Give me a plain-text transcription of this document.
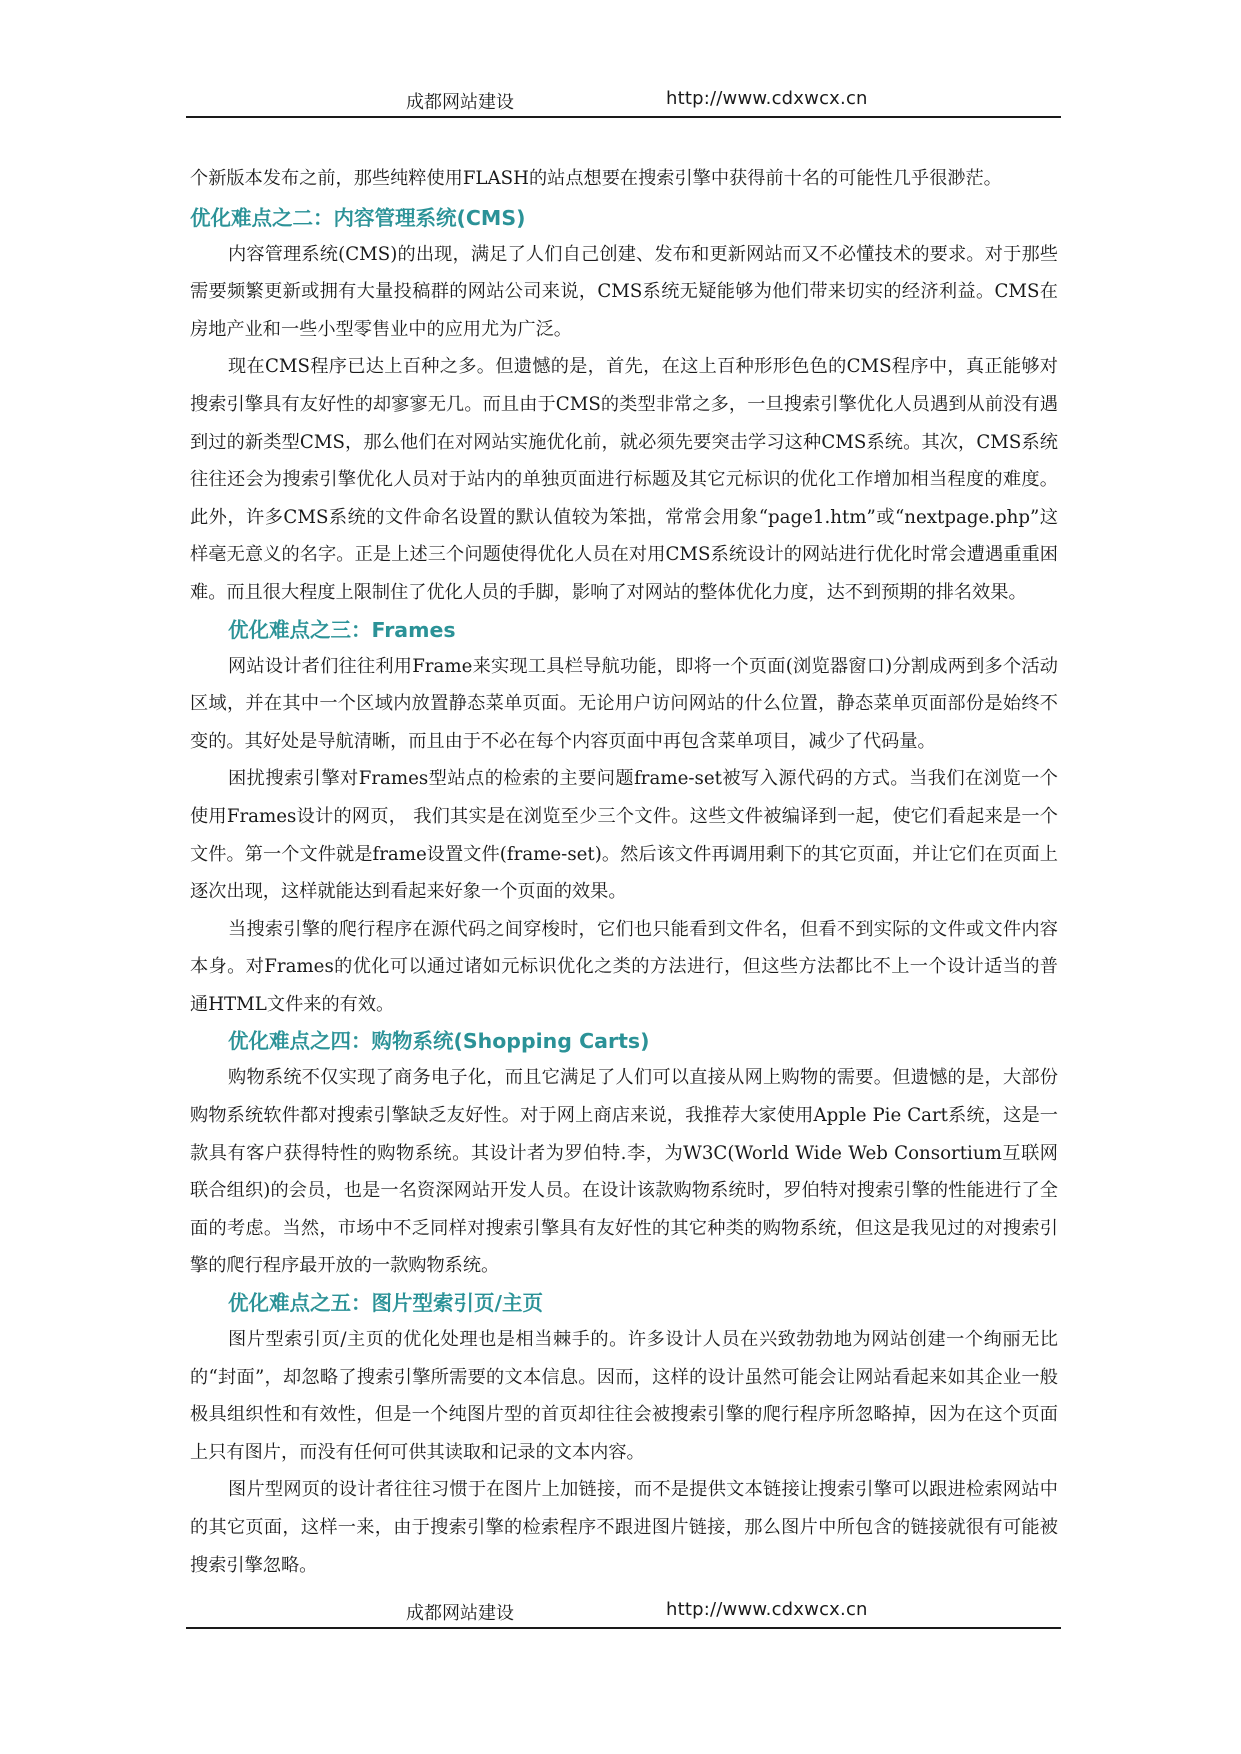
成都网站建设	http://www.cdxwcx.cn

个新版本发布之前，那些纯粹使用FLASH的站点想要在搜索引擎中获得前十名的可能性几乎很渺茫。

优化难点之二：内容管理系统(CMS)

内容管理系统(CMS)的出现，满足了人们自己创建、发布和更新网站而又不必懂技术的要求。对于那些需要频繁更新或拥有大量投稿群的网站公司来说，CMS系统无疑能够为他们带来切实的经济利益。CMS在房地产业和一些小型零售业中的应用尤为广泛。

现在CMS程序已达上百种之多。但遗憾的是，首先，在这上百种形形色色的CMS程序中，真正能够对搜索引擎具有友好性的却寥寥无几。而且由于CMS的类型非常之多，一旦搜索引擎优化人员遇到从前没有遇到过的新类型CMS，那么他们在对网站实施优化前，就必须先要突击学习这种CMS系统。其次，CMS系统往往还会为搜索引擎优化人员对于站内的单独页面进行标题及其它元标识的优化工作增加相当程度的难度。此外，许多CMS系统的文件命名设置的默认值较为笨拙，常常会用象“page1.htm”或“nextpage.php”这样毫无意义的名字。正是上述三个问题使得优化人员在对用CMS系统设计的网站进行优化时常会遭遇重重困难。而且很大程度上限制住了优化人员的手脚，影响了对网站的整体优化力度，达不到预期的排名效果。

优化难点之三：Frames

网站设计者们往往利用Frame来实现工具栏导航功能，即将一个页面(浏览器窗口)分割成两到多个活动区域，并在其中一个区域内放置静态菜单页面。无论用户访问网站的什么位置，静态菜单页面部份是始终不变的。其好处是导航清晰，而且由于不必在每个内容页面中再包含菜单项目，减少了代码量。

困扰搜索引擎对Frames型站点的检索的主要问题frame-set被写入源代码的方式。当我们在浏览一个使用Frames设计的网页， 我们其实是在浏览至少三个文件。这些文件被编译到一起，使它们看起来是一个文件。第一个文件就是frame设置文件(frame-set)。然后该文件再调用剩下的其它页面，并让它们在页面上逐次出现，这样就能达到看起来好象一个页面的效果。

当搜索引擎的爬行程序在源代码之间穿梭时，它们也只能看到文件名，但看不到实际的文件或文件内容本身。对Frames的优化可以通过诸如元标识优化之类的方法进行，但这些方法都比不上一个设计适当的普通HTML文件来的有效。

优化难点之四：购物系统(Shopping Carts)

购物系统不仅实现了商务电子化，而且它满足了人们可以直接从网上购物的需要。但遗憾的是，大部份购物系统软件都对搜索引擎缺乏友好性。对于网上商店来说，我推荐大家使用Apple Pie Cart系统，这是一款具有客户获得特性的购物系统。其设计者为罗伯特.李，为W3C(World Wide Web Consortium互联网联合组织)的会员，也是一名资深网站开发人员。在设计该款购物系统时，罗伯特对搜索引擎的性能进行了全面的考虑。当然，市场中不乏同样对搜索引擎具有友好性的其它种类的购物系统，但这是我见过的对搜索引擎的爬行程序最开放的一款购物系统。

优化难点之五：图片型索引页/主页

图片型索引页/主页的优化处理也是相当棘手的。许多设计人员在兴致勃勃地为网站创建一个绚丽无比的“封面”，却忽略了搜索引擎所需要的文本信息。因而，这样的设计虽然可能会让网站看起来如其企业一般极具组织性和有效性，但是一个纯图片型的首页却往往会被搜索引擎的爬行程序所忽略掉，因为在这个页面上只有图片，而没有任何可供其读取和记录的文本内容。

图片型网页的设计者往往习惯于在图片上加链接，而不是提供文本链接让搜索引擎可以跟进检索网站中的其它页面，这样一来，由于搜索引擎的检索程序不跟进图片链接，那么图片中所包含的链接就很有可能被搜索引擎忽略。

成都网站建设	http://www.cdxwcx.cn
